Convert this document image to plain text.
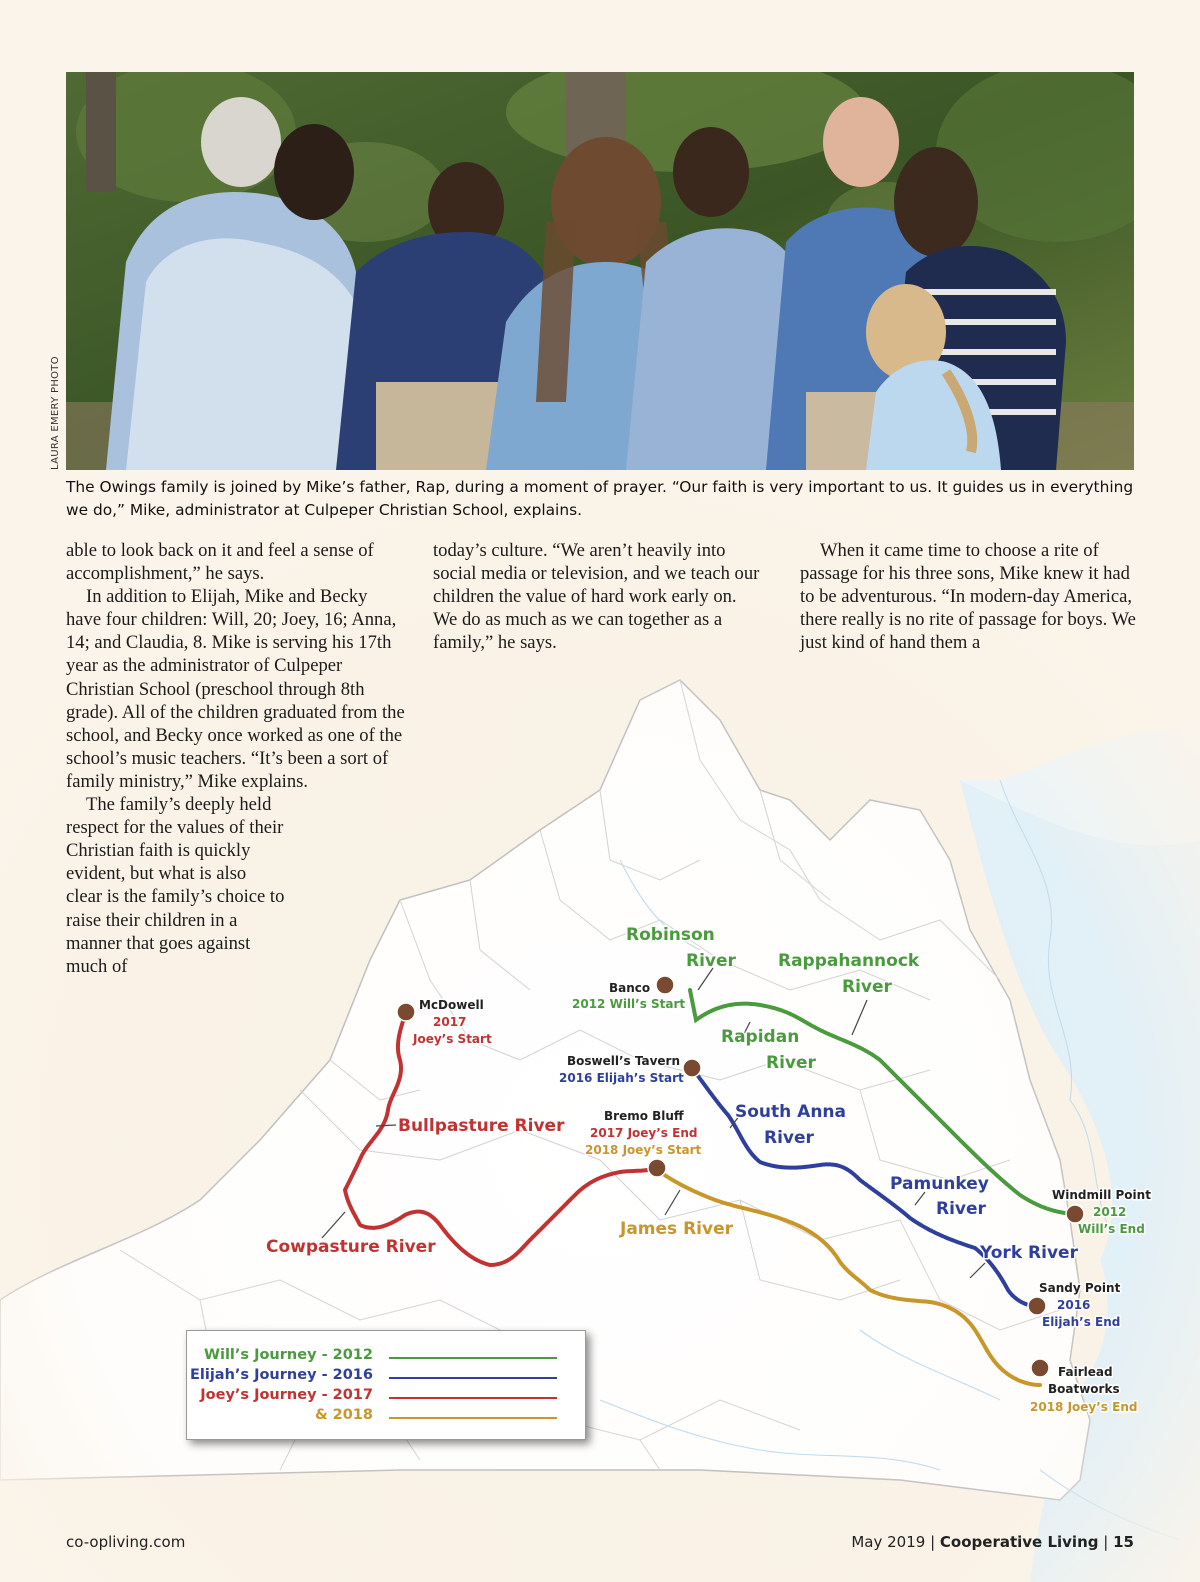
Robinson
River Rappahannock
River
Rapidan
River
South Anna
River
Pamunkey
River
York River
James River
Bullpasture River
Cowpasture River
Banco
2012 Will’s Start
McDowell
2017
Joey’s Start
Boswell’s Tavern
2016 Elijah’s Start
Bremo Bluff
2017 Joey’s End
2018 Joey’s Start
Windmill Point
2012
Will’s End
Sandy Point
2016
Elijah’s End
Fairlead
Boatworks
2018 Joey’s End
LAURA EMERY PHOTO
The Owings family is joined by Mike’s father, Rap, during a moment of prayer. “Our faith is very important to us. It guides us in everything we do,” Mike, administrator at Culpeper Christian School, explains.

able to look back on it and feel a sense of accomplishment,” he says.

In addition to Elijah, Mike and Becky have four children: Will, 20; Joey, 16; Anna, 14; and Claudia, 8. Mike is serving his 17th year as the administrator of Culpeper Christian School (preschool through 8th grade). All of the children graduated from the school, and Becky once worked as one of the school’s music teachers. “It’s been a sort of family ministry,” Mike explains.

The family’s deeply held respect for the values of their Christian faith is quickly evident, but what is also clear is the family’s choice to raise their children in a manner that goes against much of

today’s culture. “We aren’t heavily into social media or television, and we teach our children the value of hard work early on. We do as much as we can together as a family,” he says.

When it came time to choose a rite of passage for his three sons, Mike knew it had to be adventurous. “In modern-day America, there really is no rite of passage for boys. We just kind of hand them a

Will’s Journey - 2012
Elijah’s Journey - 2016
Joey’s Journey - 2017
& 2018
co-opliving.com	May 2019 | Cooperative Living | 15
